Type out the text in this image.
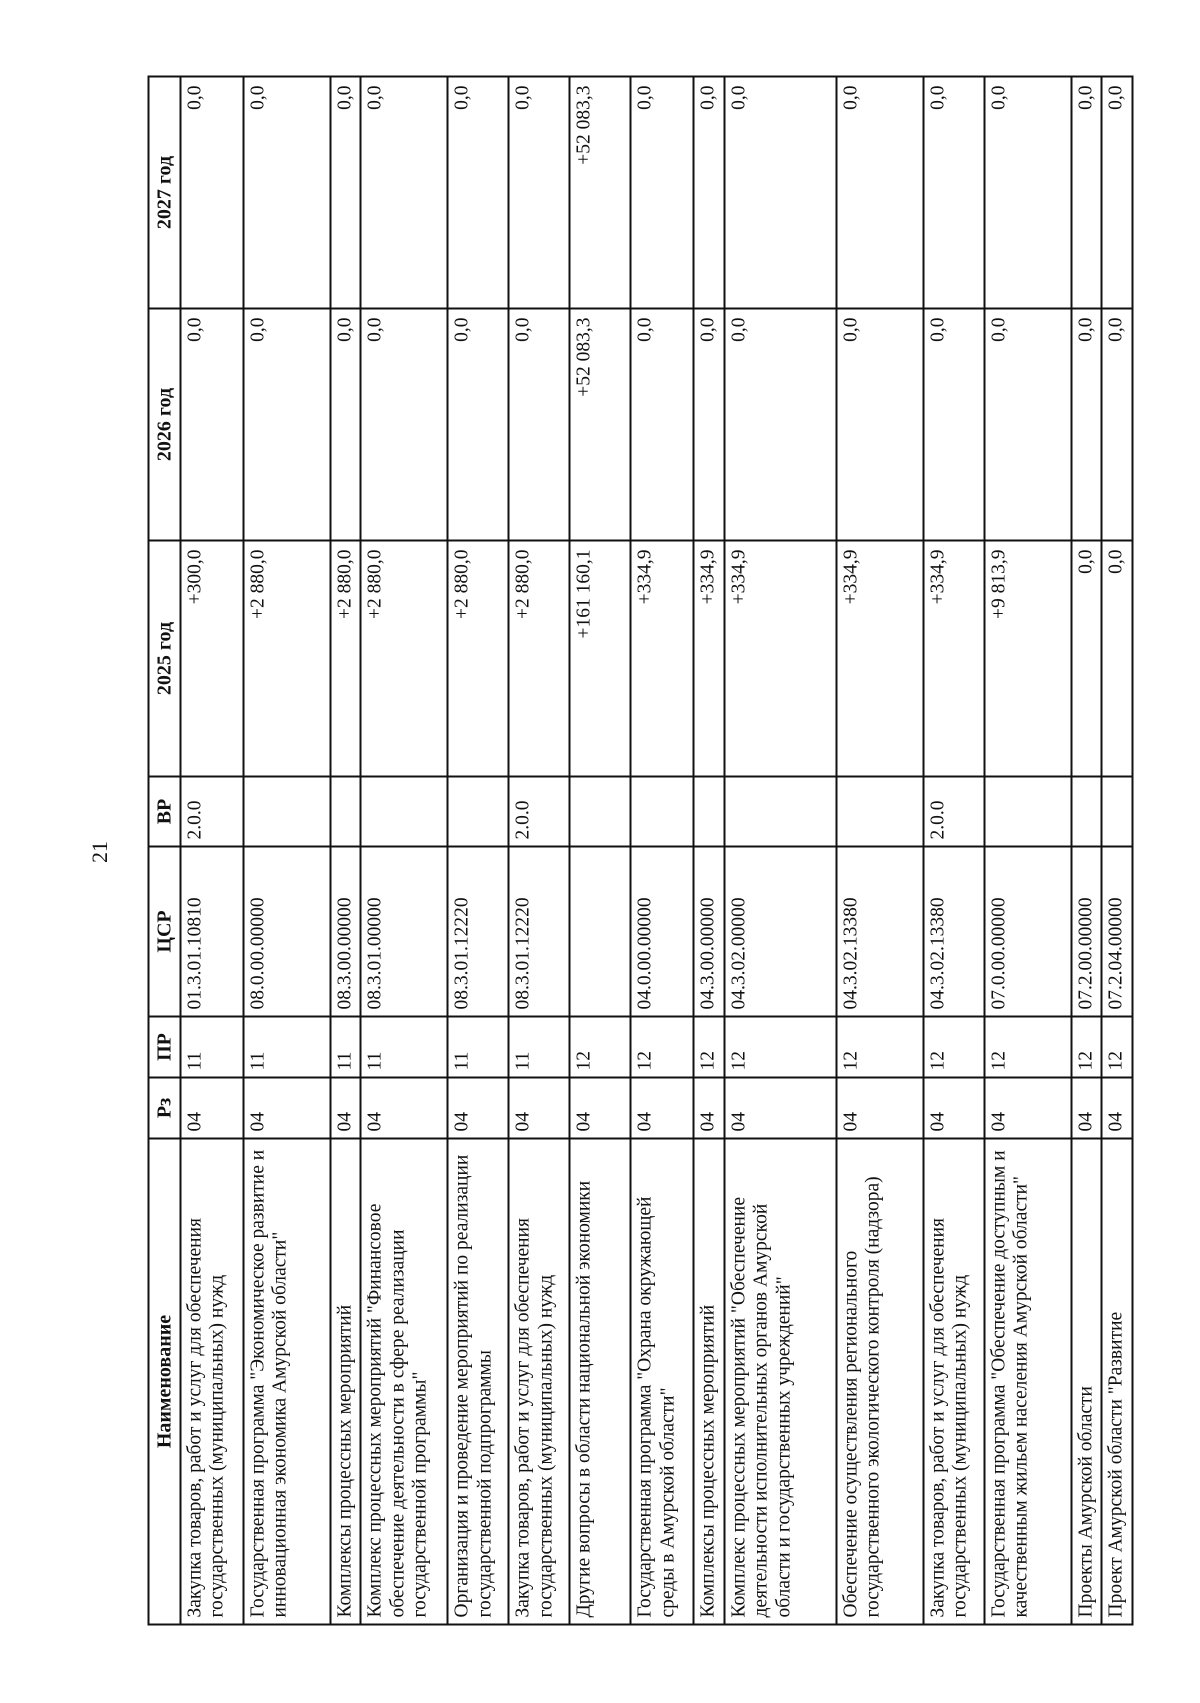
21
Наименование	Рз	ПР	ЦСР	ВР	2025 год	2026 год	2027 год
Закупка товаров, работ и услуг для обеспечения государственных (муниципальных) нужд	04	11	01.3.01.10810	2.0.0	+300,0	0,0	0,0
Государственная программа "Экономическое развитие и инновационная экономика Амурской области"	04	11	08.0.00.00000		+2 880,0	0,0	0,0
Комплексы процессных мероприятий	04	11	08.3.00.00000		+2 880,0	0,0	0,0
Комплекс процессных мероприятий "Финансовое обеспечение деятельности в сфере реализации государственной программы"	04	11	08.3.01.00000		+2 880,0	0,0	0,0
Организация и проведение мероприятий по реализации государственной подпрограммы	04	11	08.3.01.12220		+2 880,0	0,0	0,0
Закупка товаров, работ и услуг для обеспечения государственных (муниципальных) нужд	04	11	08.3.01.12220	2.0.0	+2 880,0	0,0	0,0
Другие вопросы в области национальной экономики	04	12			+161 160,1	+52 083,3	+52 083,3
Государственная программа "Охрана окружающей среды в Амурской области"	04	12	04.0.00.00000		+334,9	0,0	0,0
Комплексы процессных мероприятий	04	12	04.3.00.00000		+334,9	0,0	0,0
Комплекс процессных мероприятий "Обеспечение деятельности исполнительных органов Амурской области и государственных учреждений"	04	12	04.3.02.00000		+334,9	0,0	0,0
Обеспечение осуществления регионального государственного экологического контроля (надзора)	04	12	04.3.02.13380		+334,9	0,0	0,0
Закупка товаров, работ и услуг для обеспечения государственных (муниципальных) нужд	04	12	04.3.02.13380	2.0.0	+334,9	0,0	0,0
Государственная программа "Обеспечение доступным и качественным жильем населения Амурской области"	04	12	07.0.00.00000		+9 813,9	0,0	0,0
Проекты Амурской области	04	12	07.2.00.00000		0,0	0,0	0,0
Проект Амурской области "Развитие	04	12	07.2.04.00000		0,0	0,0	0,0
